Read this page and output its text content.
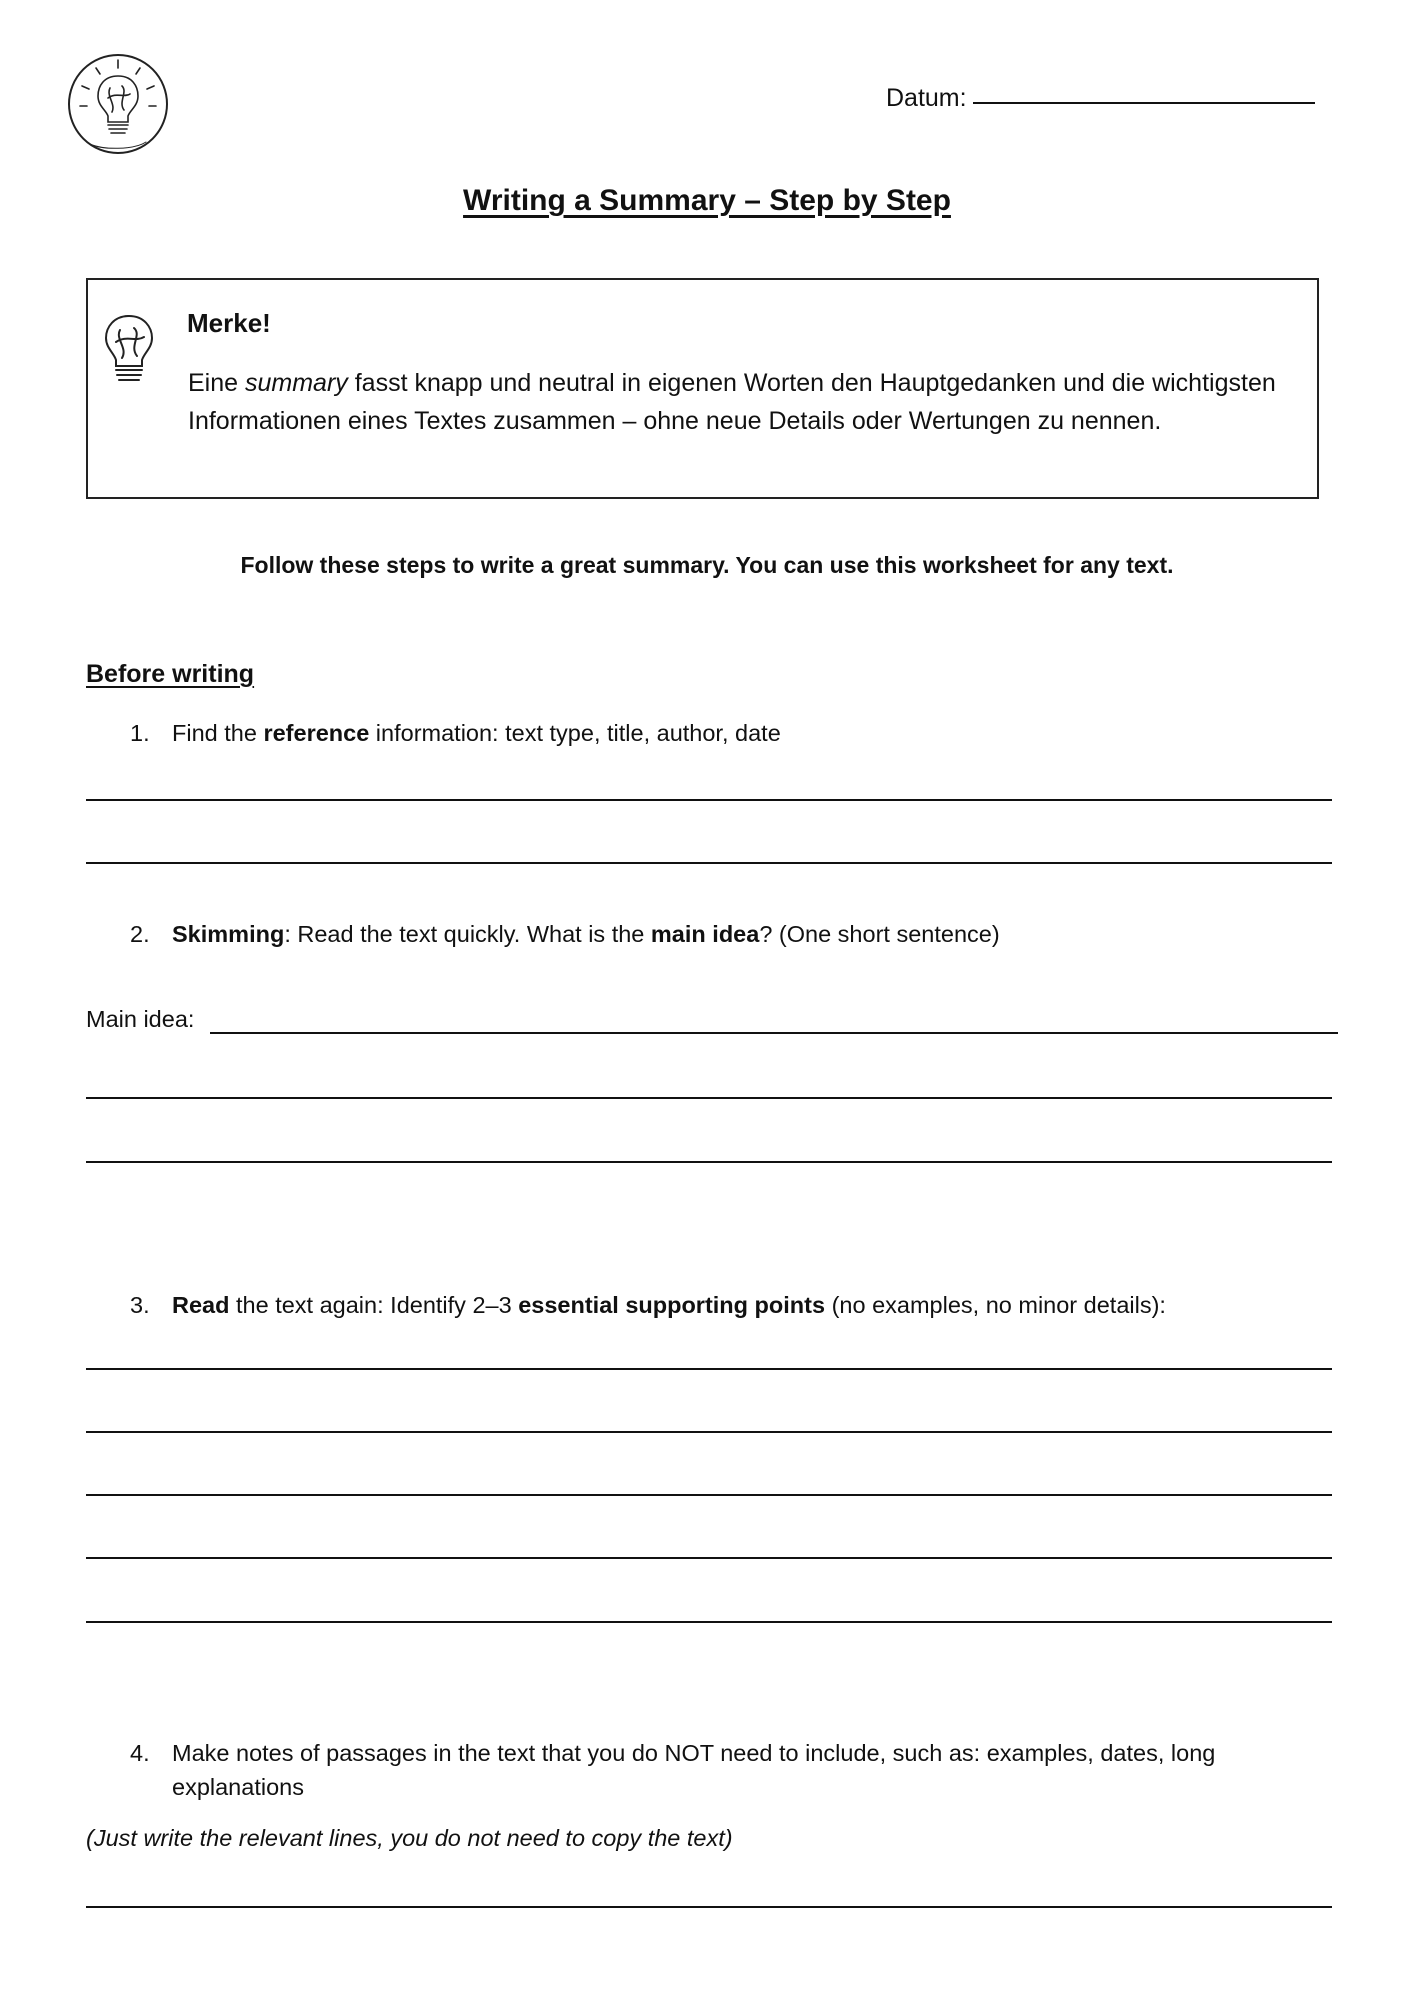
Datum:
Writing a Summary – Step by Step
Merke!
Eine summary fasst knapp und neutral in eigenen Worten den Hauptgedanken und die wichtigsten Informationen eines Textes zusammen – ohne neue Details oder Wertungen zu nennen.
Follow these steps to write a great summary. You can use this worksheet for any text.
Before writing
1. Find the reference information: text type, title, author, date
2. Skimming: Read the text quickly. What is the main idea? (One short sentence)
Main idea:
3. Read the text again: Identify 2–3 essential supporting points (no examples, no minor details):
4. Make notes of passages in the text that you do NOT need to include, such as: examples, dates, long explanations
(Just write the relevant lines, you do not need to copy the text)
